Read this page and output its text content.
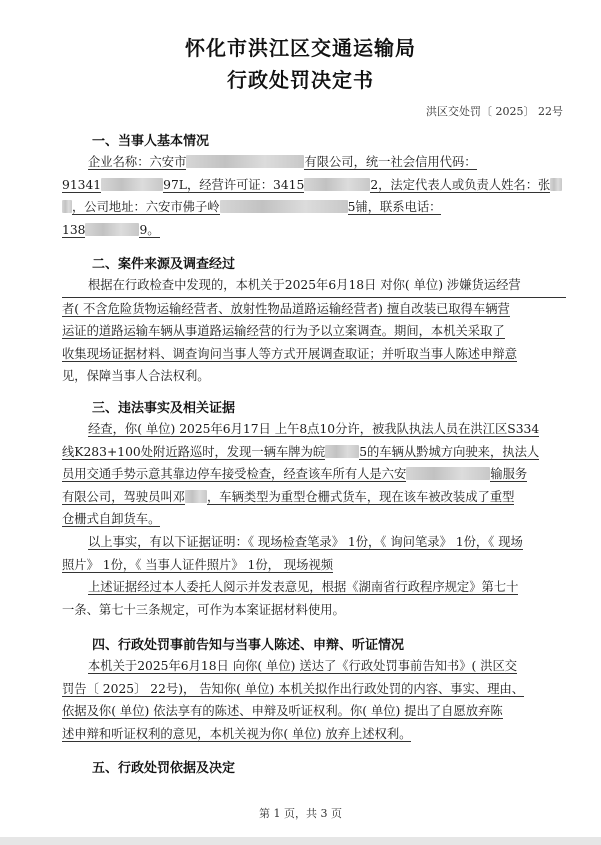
怀化市洪江区交通运输局
行政处罚决定书
洪区交处罚〔 2025〕 22号
一、当事人基本情况
企业名称：六安市	有限公司，统一社会信用代码：
91341	97L，经营许可证：3415	2，法定代表人或负责人姓名：张
，公司地址：六安市佛子岭	5铺，联系电话：
138	9。
二、案件来源及调查经过
根据在行政检查中发现的，本机关于2025年6月18日 对你( 单位) 涉嫌货运经营
者( 不含危险货物运输经营者、放射性物品道路运输经营者) 擅自改装已取得车辆营
运证的道路运输车辆从事道路运输经营的行为予以立案调查。期间，本机关采取了
收集现场证据材料、调查询问当事人等方式开展调查取证；并听取当事人陈述申辩意
见，保障当事人合法权利。
三、违法事实及相关证据
经查，你( 单位) 2025年6月17日 上午8点10分许，被我队执法人员在洪江区S334
线K283+100处附近路巡时，发现一辆车牌为皖	5的车辆从黔城方向驶来，执法人
员用交通手势示意其靠边停车接受检查，经查该车所有人是六安	输服务
有限公司，驾驶员叫邓 ，车辆类型为重型仓栅式货车，现在该车被改装成了重型
仓栅式自卸货车。
以上事实，有以下证据证明：《 现场检查笔录》 1份，《 询问笔录》 1份，《 现场
照片》 1份，《 当事人证件照片》 1份， 现场视频
上述证据经过本人委托人阅示并发表意见，根据《湖南省行政程序规定》第七十
一条、第七十三条规定，可作为本案证据材料使用。
四、行政处罚事前告知与当事人陈述、申辩、听证情况
本机关于2025年6月18日 向你( 单位) 送达了《行政处罚事前告知书》( 洪区交
罚告〔 2025〕 22号)， 告知你( 单位) 本机关拟作出行政处罚的内容、事实、理由、
依据及你( 单位) 依法享有的陈述、申辩及听证权利。你( 单位) 提出了自愿放弃陈
述申辩和听证权利的意见，本机关视为你( 单位) 放弃上述权利。
五、行政处罚依据及决定
第 1 页，共 3 页
